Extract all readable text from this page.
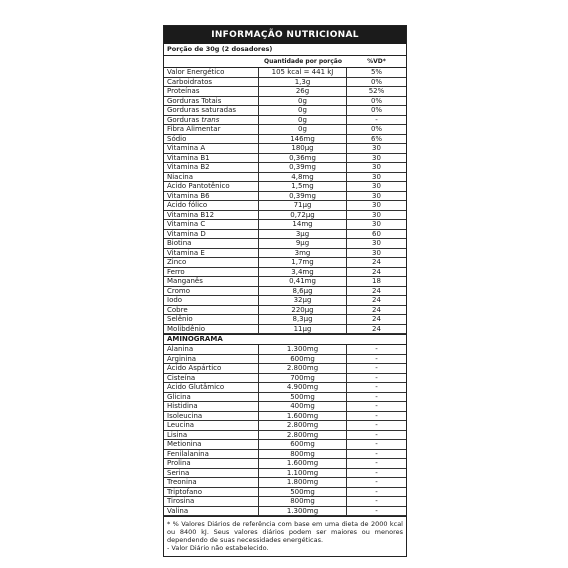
INFORMAÇÃO NUTRICIONAL
Porção de 30g (2 dosadores)
Quantidade por porção	%VD*
Valor Energético	105 kcal = 441 kJ	5%
Carboidratos	1,3g	0%
Proteínas	26g	52%
Gorduras Totais	0g	0%
Gorduras saturadas	0g	0%
Gorduras trans	0g	-
Fibra Alimentar	0g	0%
Sódio	146mg	6%
Vitamina A	180µg	30
Vitamina B1	0,36mg	30
Vitamina B2	0,39mg	30
Niacina	4,8mg	30
Ácido Pantotênico	1,5mg	30
Vitamina B6	0,39mg	30
Ácido fólico	71µg	30
Vitamina B12	0,72µg	30
Vitamina C	14mg	30
Vitamina D	3µg	60
Biotina	9µg	30
Vitamina E	3mg	30
Zinco	1,7mg	24
Ferro	3,4mg	24
Manganês	0,41mg	18
Cromo	8,6µg	24
Iodo	32µg	24
Cobre	220µg	24
Selênio	8,3µg	24
Molibdênio	11µg	24
AMINOGRAMA
Alanina	1.300mg	-
Arginina	600mg	-
Ácido Aspártico	2.800mg	-
Cisteína	700mg	-
Ácido Glutâmico	4.900mg	-
Glicina	500mg	-
Histidina	400mg	-
Isoleucina	1.600mg	-
Leucina	2.800mg	-
Lisina	2.800mg	-
Metionina	600mg	-
Fenilalanina	800mg	-
Prolina	1.600mg	-
Serina	1.100mg	-
Treonina	1.800mg	-
Triptofano	500mg	-
Tirosina	800mg	-
Valina	1.300mg	-

* % Valores Diários de referência com base em uma dieta de 2000 kcal ou 8400 kJ. Seus valores diários podem ser maiores ou menores dependendo de suas necessidades energéticas.

- Valor Diário não estabelecido.
